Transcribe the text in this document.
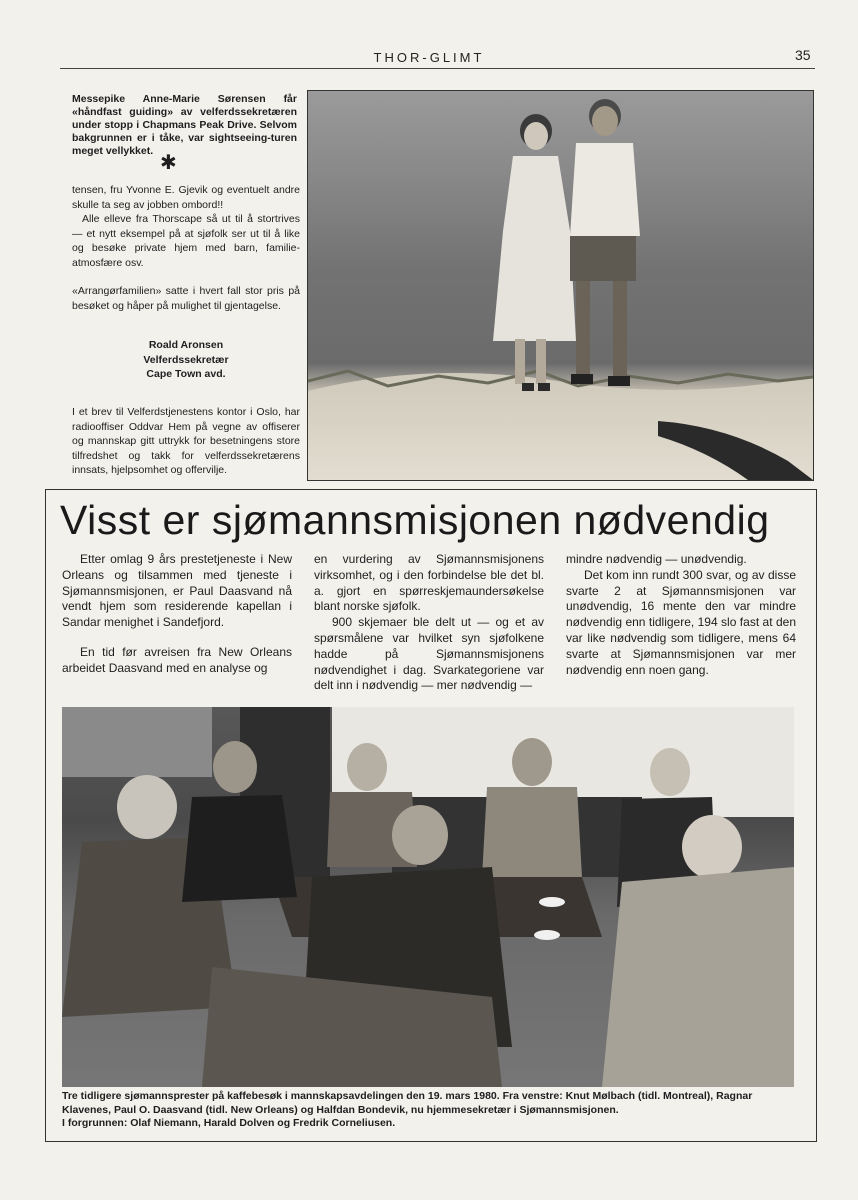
THOR-GLIMT	35
Messepike Anne-Marie Sørensen får «håndfast guiding» av velferdssekretæren under stopp i Chapmans Peak Drive. Selvom bakgrunnen er i tåke, var sightseeing-turen meget vellykket.
✱

tensen, fru Yvonne E. Gjevik og eventuelt andre skulle ta seg av jobben ombord!!

Alle elleve fra Thorscape så ut til å stortrives — et nytt eksempel på at sjøfolk ser ut til å like og besøke private hjem med barn, familie-atmosfære osv.

«Arrangørfamilien» satte i hvert fall stor pris på besøket og håper på mulighet til gjentagelse.

Roald Aronsen
Velferdssekretær
Cape Town avd.
I et brev til Velferdstjenestens kontor i Oslo, har radiooffiser Oddvar Hem på vegne av offiserer og mannskap gitt uttrykk for besetningens store tilfredshet og takk for velferdssekretærens innsats, hjelpsomhet og offervilje.
Visst er sjømannsmisjonen nødvendig

Etter omlag 9 års prestetjeneste i New Orleans og tilsammen med tjeneste i Sjømannsmisjonen, er Paul Daasvand nå vendt hjem som residerende kapellan i Sandar menighet i Sandefjord.

En tid før avreisen fra New Orleans arbeidet Daasvand med en analyse og

en vurdering av Sjømannsmisjonens virksomhet, og i den forbindelse ble det bl. a. gjort en spørreskjemaundersøkelse blant norske sjøfolk.

900 skjemaer ble delt ut — og et av spørsmålene var hvilket syn sjøfolkene hadde på Sjømannsmisjonens nødvendighet i dag. Svarkategoriene var delt inn i nødvendig — mer nødvendig —

mindre nødvendig — unødvendig.

Det kom inn rundt 300 svar, og av disse svarte 2 at Sjømannsmisjonen var unødvendig, 16 mente den var mindre nødvendig enn tidligere, 194 slo fast at den var like nødvendig som tidligere, mens 64 svarte at Sjømannsmisjonen var mer nødvendig enn noen gang.

Tre tidligere sjømannsprester på kaffebesøk i mannskapsavdelingen den 19. mars 1980. Fra venstre: Knut Mølbach (tidl. Montreal), Ragnar Klavenes, Paul O. Daasvand (tidl. New Orleans) og Halfdan Bondevik, nu hjemmesekretær i Sjømannsmisjonen.
I forgrunnen: Olaf Niemann, Harald Dolven og Fredrik Corneliusen.
